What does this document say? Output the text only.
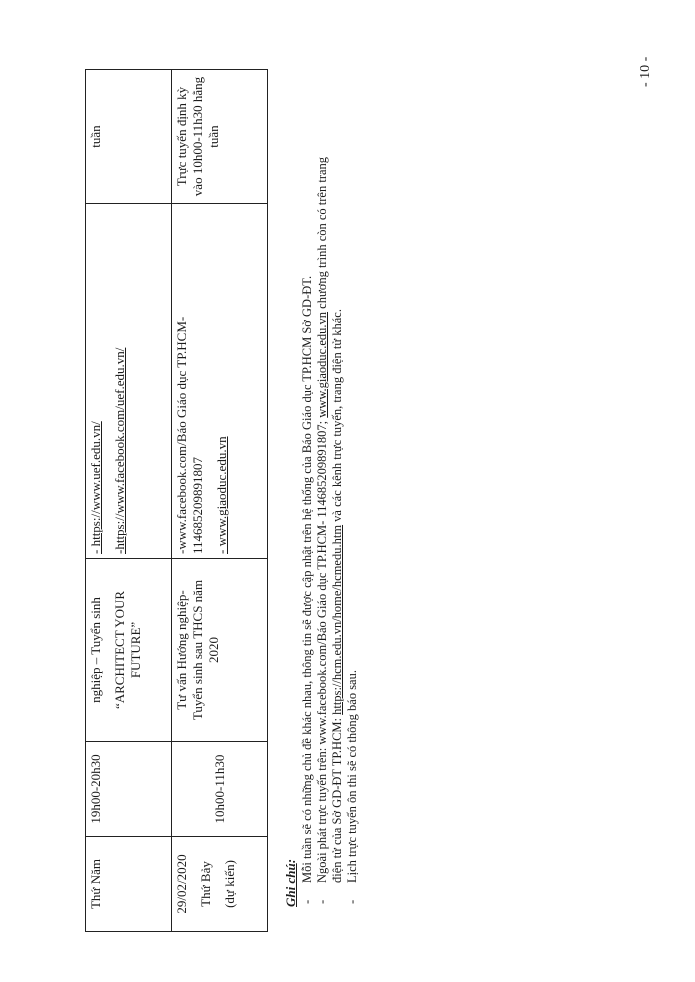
Thứ Năm	19h00-20h30	nghiệp – Tuyển sinh “ARCHITECT YOUR FUTURE”	- https://www.uef.edu.vn/ -https://www.facebook.com/uef.edu.vn/	tuần

29/02/2020 Thứ Bảy (dự kiến)	10h00-11h30	Tư vấn Hướng nghiệp- Tuyển sinh sau THCS năm 2020	-www.facebook.com/Báo Giáo dục TP.HCM- 114685209891807 - www.giaoduc.edu.vn	Trực tuyến định kỳ vào 10h00-11h30 hằng tuần
Ghi chú:
-
Mỗi tuần sẽ có những chủ đề khác nhau, thông tin sẽ được cập nhật trên hệ thống của Báo Giáo dục TP.HCM Sở GD-ĐT.
-
Ngoài phát trực tuyến trên: www.facebook.com/Báo Giáo dục TP.HCM- 114685209891807; www.giaoduc.edu.vn chương trình còn có trên trang
điện tử của Sở GD-ĐT TP.HCM: https://hcm.edu.vn/home/hcmedu.htm và các kênh trực tuyến, trang điện tử khác.
-
Lịch trực tuyến ôn thi sẽ có thông báo sau.
- 10 -
